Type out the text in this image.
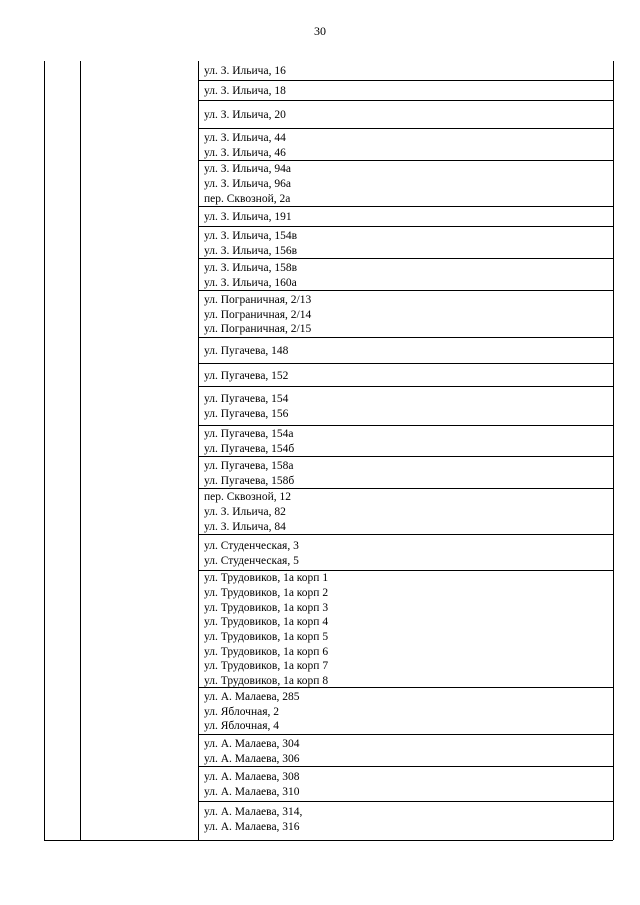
30
ул. З. Ильича, 16
ул. З. Ильича, 18
ул. З. Ильича, 20
ул. З. Ильича, 44
ул. З. Ильича, 46
ул. З. Ильича, 94а
ул. З. Ильича, 96а
пер. Сквозной, 2а
ул. З. Ильича, 191
ул. З. Ильича, 154в
ул. З. Ильича, 156в
ул. З. Ильича, 158в
ул. З. Ильича, 160а
ул. Пограничная, 2/13
ул. Пограничная, 2/14
ул. Пограничная, 2/15
ул. Пугачева, 148
ул. Пугачева, 152
ул. Пугачева, 154
ул. Пугачева, 156
ул. Пугачева, 154а
ул. Пугачева, 154б
ул. Пугачева, 158а
ул. Пугачева, 158б
пер. Сквозной, 12
ул. З. Ильича, 82
ул. З. Ильича, 84
ул. Студенческая, 3
ул. Студенческая, 5
ул. Трудовиков, 1а корп 1
ул. Трудовиков, 1а корп 2
ул. Трудовиков, 1а корп 3
ул. Трудовиков, 1а корп 4
ул. Трудовиков, 1а корп 5
ул. Трудовиков, 1а корп 6
ул. Трудовиков, 1а корп 7
ул. Трудовиков, 1а корп 8
ул. А. Малаева, 285
ул. Яблочная, 2
ул. Яблочная, 4
ул. А. Малаева, 304
ул. А. Малаева, 306
ул. А. Малаева, 308
ул. А. Малаева, 310
ул. А. Малаева, 314,
ул. А. Малаева, 316
